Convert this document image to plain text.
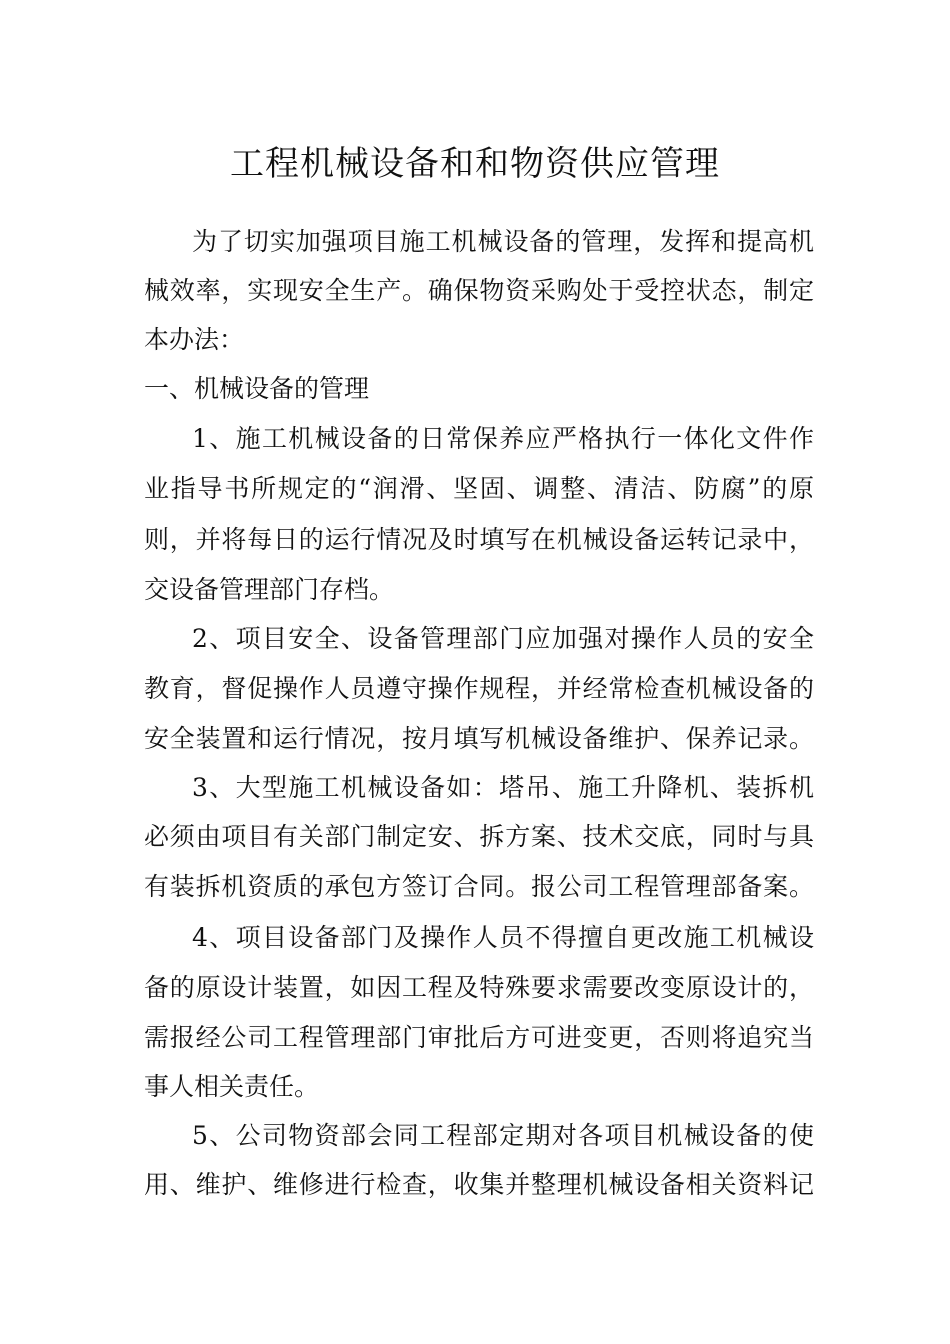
工程机械设备和和物资供应管理

为了切实加强项目施工机械设备的管理，发挥和提高机

械效率，实现安全生产。确保物资采购处于受控状态，制定

本办法：

一、机械设备的管理

1、施工机械设备的日常保养应严格执行一体化文件作

业指导书所规定的“润滑、坚固、调整、清洁、防腐”的原

则，并将每日的运行情况及时填写在机械设备运转记录中，

交设备管理部门存档。

2、项目安全、设备管理部门应加强对操作人员的安全

教育，督促操作人员遵守操作规程，并经常检查机械设备的

安全装置和运行情况，按月填写机械设备维护、保养记录。

3、大型施工机械设备如：塔吊、施工升降机、装拆机

必须由项目有关部门制定安、拆方案、技术交底，同时与具

有装拆机资质的承包方签订合同。报公司工程管理部备案。

4、项目设备部门及操作人员不得擅自更改施工机械设

备的原设计装置，如因工程及特殊要求需要改变原设计的，

需报经公司工程管理部门审批后方可进变更，否则将追究当

事人相关责任。

5、公司物资部会同工程部定期对各项目机械设备的使

用、维护、维修进行检查，收集并整理机械设备相关资料记
